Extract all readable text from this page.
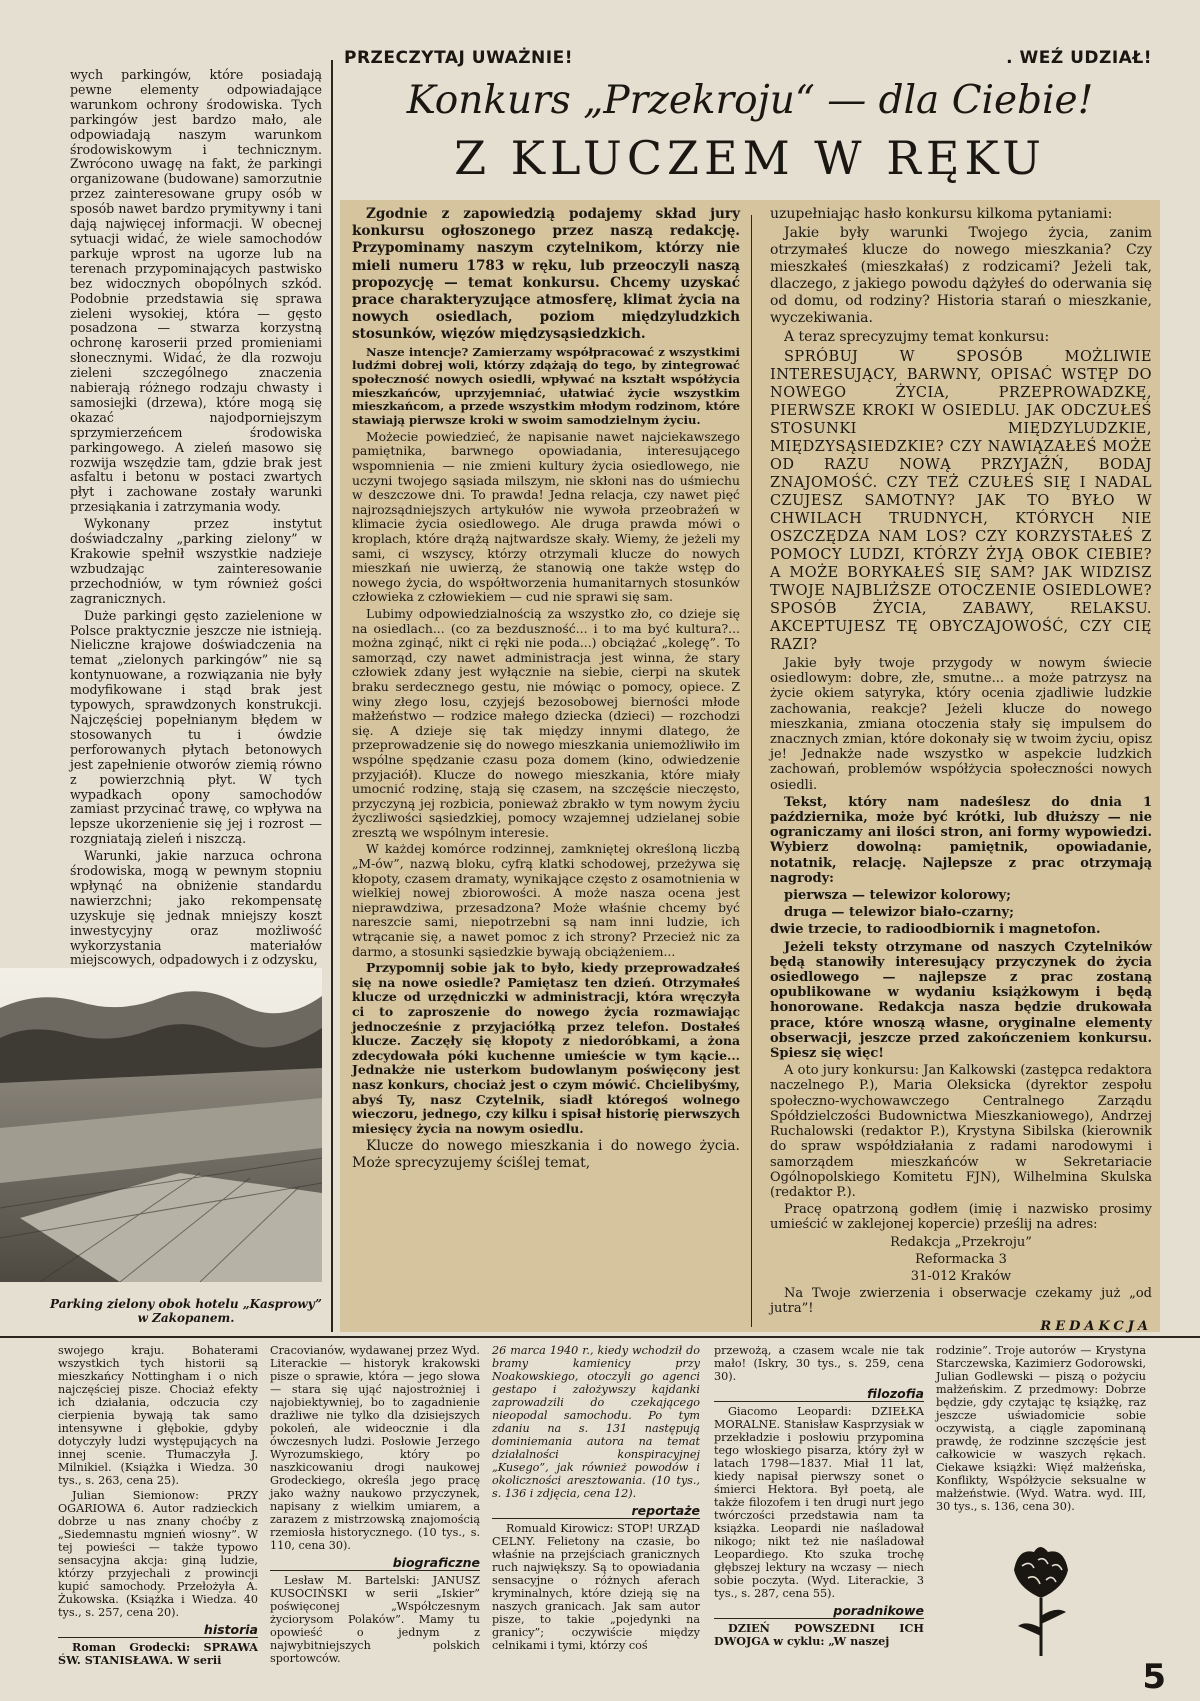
PRZECZYTAJ UWAŻNIE!	. WEŹ UDZIAŁ!
Konkurs „Przekroju“ — dla Ciebie!
Z KLUCZEM W RĘKU

wych parkingów, które posiadają pewne elementy odpowiadające warunkom ochrony środowiska. Tych parkingów jest bardzo mało, ale odpowiadają naszym warunkom środowiskowym i technicznym. Zwrócono uwagę na fakt, że parkingi organizowane (budowane) samorzutnie przez zainteresowane grupy osób w sposób nawet bardzo prymitywny i tani dają najwięcej informacji. W obecnej sytuacji widać, że wiele samochodów parkuje wprost na ugorze lub na terenach przypominających pastwisko bez widocznych obopólnych szkód. Podobnie przedstawia się sprawa zieleni wysokiej, która — gęsto posadzona — stwarza korzystną ochronę karoserii przed promieniami słonecznymi. Widać, że dla rozwoju zieleni szczególnego znaczenia nabierają różnego rodzaju chwasty i samosiejki (drzewa), które mogą się okazać najodporniejszym sprzymierzeńcem środowiska parkingowego. A zieleń masowo się rozwija wszędzie tam, gdzie brak jest asfaltu i betonu w postaci zwartych płyt i zachowane zostały warunki przesiąkania i zatrzymania wody.

Wykonany przez instytut doświadczalny „parking zielony” w Krakowie spełnił wszystkie nadzieje wzbudzając zainteresowanie przechodniów, w tym również gości zagranicznych.

Duże parkingi gęsto zazielenione w Polsce praktycznie jeszcze nie istnieją. Nieliczne krajowe doświadczenia na temat „zielonych parkingów” nie są kontynuowane, a rozwiązania nie były modyfikowane i stąd brak jest typowych, sprawdzonych konstrukcji. Najczęściej popełnianym błędem w stosowanych tu i ówdzie perforowanych płytach betonowych jest zapełnienie otworów ziemią równo z powierzchnią płyt. W tych wypadkach opony samochodów zamiast przycinać trawę, co wpływa na lepsze ukorzenienie się jej i rozrost — rozgniatają zieleń i niszczą.

Warunki, jakie narzuca ochrona środowiska, mogą w pewnym stopniu wpłynąć na obniżenie standardu nawierzchni; jako rekompensatę uzyskuje się jednak mniejszy koszt inwestycyjny oraz możliwość wykorzystania materiałów miejscowych, odpadowych i z odzysku,

Parking zielony obok hotelu „Kasprowy” w Zakopanem.

Zgodnie z zapowiedzią podajemy skład jury konkursu ogłoszonego przez naszą redakcję. Przypominamy naszym czytelnikom, którzy nie mieli numeru 1783 w ręku, lub przeoczyli naszą propozycję — temat konkursu. Chcemy uzyskać prace charakteryzujące atmosferę, klimat życia na nowych osiedlach, poziom międzyludzkich stosunków, więzów międzysąsiedzkich.

Nasze intencje? Zamierzamy współpracować z wszystkimi ludźmi dobrej woli, którzy zdążają do tego, by zintegrować społeczność nowych osiedli, wpływać na kształt współżycia mieszkańców, uprzyjemniać, ułatwiać życie wszystkim mieszkańcom, a przede wszystkim młodym rodzinom, które stawiają pierwsze kroki w swoim samodzielnym życiu.

Możecie powiedzieć, że napisanie nawet najciekawszego pamiętnika, barwnego opowiadania, interesującego wspomnienia — nie zmieni kultury życia osiedlowego, nie uczyni twojego sąsiada milszym, nie skłoni nas do uśmiechu w deszczowe dni. To prawda! Jedna relacja, czy nawet pięć najrozsądniejszych artykułów nie wywoła przeobrażeń w klimacie życia osiedlowego. Ale druga prawda mówi o kroplach, które drążą najtwardsze skały. Wiemy, że jeżeli my sami, ci wszyscy, którzy otrzymali klucze do nowych mieszkań nie uwierzą, że stanowią one także wstęp do nowego życia, do współtworzenia humanitarnych stosunków człowieka z człowiekiem — cud nie sprawi się sam.

Lubimy odpowiedzialnością za wszystko zło, co dzieje się na osiedlach... (co za bezduszność... i to ma być kultura?... można zginąć, nikt ci ręki nie poda...) obciążać „kolegę”. To samorząd, czy nawet administracja jest winna, że stary człowiek zdany jest wyłącznie na siebie, cierpi na skutek braku serdecznego gestu, nie mówiąc o pomocy, opiece. Z winy złego losu, czyjejś bezosobowej bierności młode małżeństwo — rodzice małego dziecka (dzieci) — rozchodzi się. A dzieje się tak między innymi dlatego, że przeprowadzenie się do nowego mieszkania uniemożliwiło im wspólne spędzanie czasu poza domem (kino, odwiedzenie przyjaciół). Klucze do nowego mieszkania, które miały umocnić rodzinę, stają się czasem, na szczęście nieczęsto, przyczyną jej rozbicia, ponieważ zbrakło w tym nowym życiu życzliwości sąsiedzkiej, pomocy wzajemnej udzielanej sobie zresztą we wspólnym interesie.

W każdej komórce rodzinnej, zamkniętej określoną liczbą „M-ów”, nazwą bloku, cyfrą klatki schodowej, przeżywa się kłopoty, czasem dramaty, wynikające często z osamotnienia w wielkiej nowej zbiorowości. A może nasza ocena jest nieprawdziwa, przesadzona? Może właśnie chcemy być nareszcie sami, niepotrzebni są nam inni ludzie, ich wtrącanie się, a nawet pomoc z ich strony? Przecież nic za darmo, a stosunki sąsiedzkie bywają obciążeniem...

Przypomnij sobie jak to było, kiedy przeprowadzałeś się na nowe osiedle? Pamiętasz ten dzień. Otrzymałeś klucze od urzędniczki w administracji, która wręczyła ci to zaproszenie do nowego życia rozmawiając jednocześnie z przyjaciółką przez telefon. Dostałeś klucze. Zaczęły się kłopoty z niedoróbkami, a żona zdecydowała póki kuchenne umieście w tym kącie... Jednakże nie usterkom budowlanym poświęcony jest nasz konkurs, chociaż jest o czym mówić. Chcielibyśmy, abyś Ty, nasz Czytelnik, siadł któregoś wolnego wieczoru, jednego, czy kilku i spisał historię pierwszych miesięcy życia na nowym osiedlu.

Klucze do nowego mieszkania i do nowego życia. Może sprecyzujemy ściślej temat,

uzupełniając hasło konkursu kilkoma pytaniami:

Jakie były warunki Twojego życia, zanim otrzymałeś klucze do nowego mieszkania? Czy mieszkałeś (mieszkałaś) z rodzicami? Jeżeli tak, dlaczego, z jakiego powodu dążyłeś do oderwania się od domu, od rodziny? Historia starań o mieszkanie, wyczekiwania.

A teraz sprecyzujmy temat konkursu:

SPRÓBUJ W SPOSÓB MOŻLIWIE INTERESUJĄCY, BARWNY, OPISAĆ WSTĘP DO NOWEGO ŻYCIA, PRZEPROWADZKĘ, PIERWSZE KROKI W OSIEDLU. JAK ODCZUŁEŚ STOSUNKI MIĘDZYLUDZKIE, MIĘDZYSĄSIEDZKIE? CZY NAWIĄZAŁEŚ MOŻE OD RAZU NOWĄ PRZYJAŹŃ, BODAJ ZNAJOMOŚĆ. CZY TEŻ CZUŁEŚ SIĘ I NADAL CZUJESZ SAMOTNY? JAK TO BYŁO W CHWILACH TRUDNYCH, KTÓRYCH NIE OSZCZĘDZA NAM LOS? CZY KORZYSTAŁEŚ Z POMOCY LUDZI, KTÓRZY ŻYJĄ OBOK CIEBIE? A MOŻE BORYKAŁEŚ SIĘ SAM? JAK WIDZISZ TWOJE NAJBLIŻSZE OTOCZENIE OSIEDLOWE? SPOSÓB ŻYCIA, ZABAWY, RELAKSU. AKCEPTUJESZ TĘ OBYCZAJOWOŚĆ, CZY CIĘ RAZI?

Jakie były twoje przygody w nowym świecie osiedlowym: dobre, złe, smutne... a może patrzysz na życie okiem satyryka, który ocenia zjadliwie ludzkie zachowania, reakcje? Jeżeli klucze do nowego mieszkania, zmiana otoczenia stały się impulsem do znacznych zmian, które dokonały się w twoim życiu, opisz je! Jednakże nade wszystko w aspekcie ludzkich zachowań, problemów współżycia społeczności nowych osiedli.

Tekst, który nam nadeślesz do dnia 1 października, może być krótki, lub dłuższy — nie ograniczamy ani ilości stron, ani formy wypowiedzi. Wybierz dowolną: pamiętnik, opowiadanie, notatnik, relację. Najlepsze z prac otrzymają nagrody:

pierwsza — telewizor kolorowy;

druga — telewizor biało-czarny;

dwie trzecie, to radioodbiornik i magnetofon.

Jeżeli teksty otrzymane od naszych Czytelników będą stanowiły interesujący przyczynek do życia osiedlowego — najlepsze z prac zostaną opublikowane w wydaniu książkowym i będą honorowane. Redakcja nasza będzie drukowała prace, które wnoszą własne, oryginalne elementy obserwacji, jeszcze przed zakończeniem konkursu. Spiesz się więc!

A oto jury konkursu: Jan Kalkowski (zastępca redaktora naczelnego P.), Maria Oleksicka (dyrektor zespołu społeczno-wychowawczego Centralnego Zarządu Spółdzielczości Budownictwa Mieszkaniowego), Andrzej Ruchalowski (redaktor P.), Krystyna Sibilska (kierownik do spraw współdziałania z radami narodowymi i samorządem mieszkańców w Sekretariacie Ogólnopolskiego Komitetu FJN), Wilhelmina Skulska (redaktor P.).

Pracę opatrzoną godłem (imię i nazwisko prosimy umieścić w zaklejonej kopercie) prześlij na adres:

Redakcja „Przekroju”

Reformacka 3

31-012 Kraków

Na Twoje zwierzenia i obserwacje czekamy już „od jutra”!

REDAKCJA

swojego kraju. Bohaterami wszystkich tych historii są mieszkańcy Nottingham i o nich najczęściej pisze. Chociaż efekty ich działania, odczucia czy cierpienia bywają tak samo intensywne i głębokie, gdyby dotyczyły ludzi występujących na innej scenie. Tłumaczyła J. Milnikiel. (Książka i Wiedza. 30 tys., s. 263, cena 25).

Julian Siemionow: PRZY OGARIOWA 6. Autor radzieckich dobrze u nas znany choćby z „Siedemnastu mgnień wiosny”. W tej powieści — także typowo sensacyjna akcja: giną ludzie, którzy przyjechali z prowincji kupić samochody. Przełożyła A. Żukowska. (Książka i Wiedza. 40 tys., s. 257, cena 20).

historia

Roman Grodecki: SPRAWA ŚW. STANISŁAWA. W serii

Cracovianów, wydawanej przez Wyd. Literackie — historyk krakowski pisze o sprawie, która — jego słowa — stara się ująć najostrożniej i najobiektywniej, bo to zagadnienie drażliwe nie tylko dla dzisiejszych pokoleń, ale wideocznie i dla ówczesnych ludzi. Posłowie Jerzego Wyrozumskiego, który po naszkicowaniu drogi naukowej Grodeckiego, określa jego pracę jako ważny naukowo przyczynek, napisany z wielkim umiarem, a zarazem z mistrzowską znajomością rzemiosła historycznego. (10 tys., s. 110, cena 30).

biograficzne

Lesław M. Bartelski: JANUSZ KUSOCIŃSKI w serii „Iskier” poświęconej „Współczesnym życiorysom Polaków”. Mamy tu opowieść o jednym z najwybitniejszych polskich sportowców.

26 marca 1940 r., kiedy wchodził do bramy kamienicy przy Noakowskiego, otoczyli go agenci gestapo i założywszy kajdanki zaprowadzili do czekającego nieopodal samochodu. Po tym zdaniu na s. 131 następują dominiemania autora na temat działalności konspiracyjnej „Kusego”, jak również powodów i okoliczności aresztowania. (10 tys., s. 136 i zdjęcia, cena 12).

reportaże

Romuald Kirowicz: STOP! URZĄD CELNY. Felietony na czasie, bo właśnie na przejściach granicznych ruch największy. Są to opowiadania sensacyjne o różnych aferach kryminalnych, które dzieją się na naszych granicach. Jak sam autor pisze, to takie „pojedynki na granicy”; oczywiście między celnikami i tymi, którzy coś

przewożą, a czasem wcale nie tak mało! (Iskry, 30 tys., s. 259, cena 30).

filozofia

Giacomo Leopardi: DZIEŁKA MORALNE. Stanisław Kasprzysiak w przekładzie i posłowiu przypomina tego włoskiego pisarza, który żył w latach 1798—1837. Miał 11 lat, kiedy napisał pierwszy sonet o śmierci Hektora. Był poetą, ale także filozofem i ten drugi nurt jego twórczości przedstawia nam ta książka. Leopardi nie naśladował nikogo; nikt też nie naśladował Leopardiego. Kto szuka trochę głębszej lektury na wczasy — niech sobie poczyta. (Wyd. Literackie, 3 tys., s. 287, cena 55).

poradnikowe

DZIEŃ POWSZEDNI ICH DWOJGA w cyklu: „W naszej

rodzinie”. Troje autorów — Krystyna Starczewska, Kazimierz Godorowski, Julian Godlewski — piszą o pożyciu małżeńskim. Z przedmowy: Dobrze będzie, gdy czytając tę książkę, raz jeszcze uświadomicie sobie oczywistą, a ciągle zapominaną prawdę, że rodzinne szczęście jest całkowicie w waszych rękach. Ciekawe książki: Więź małżeńska, Konflikty, Współżycie seksualne w małżeństwie. (Wyd. Watra. wyd. III, 30 tys., s. 136, cena 30).

5
